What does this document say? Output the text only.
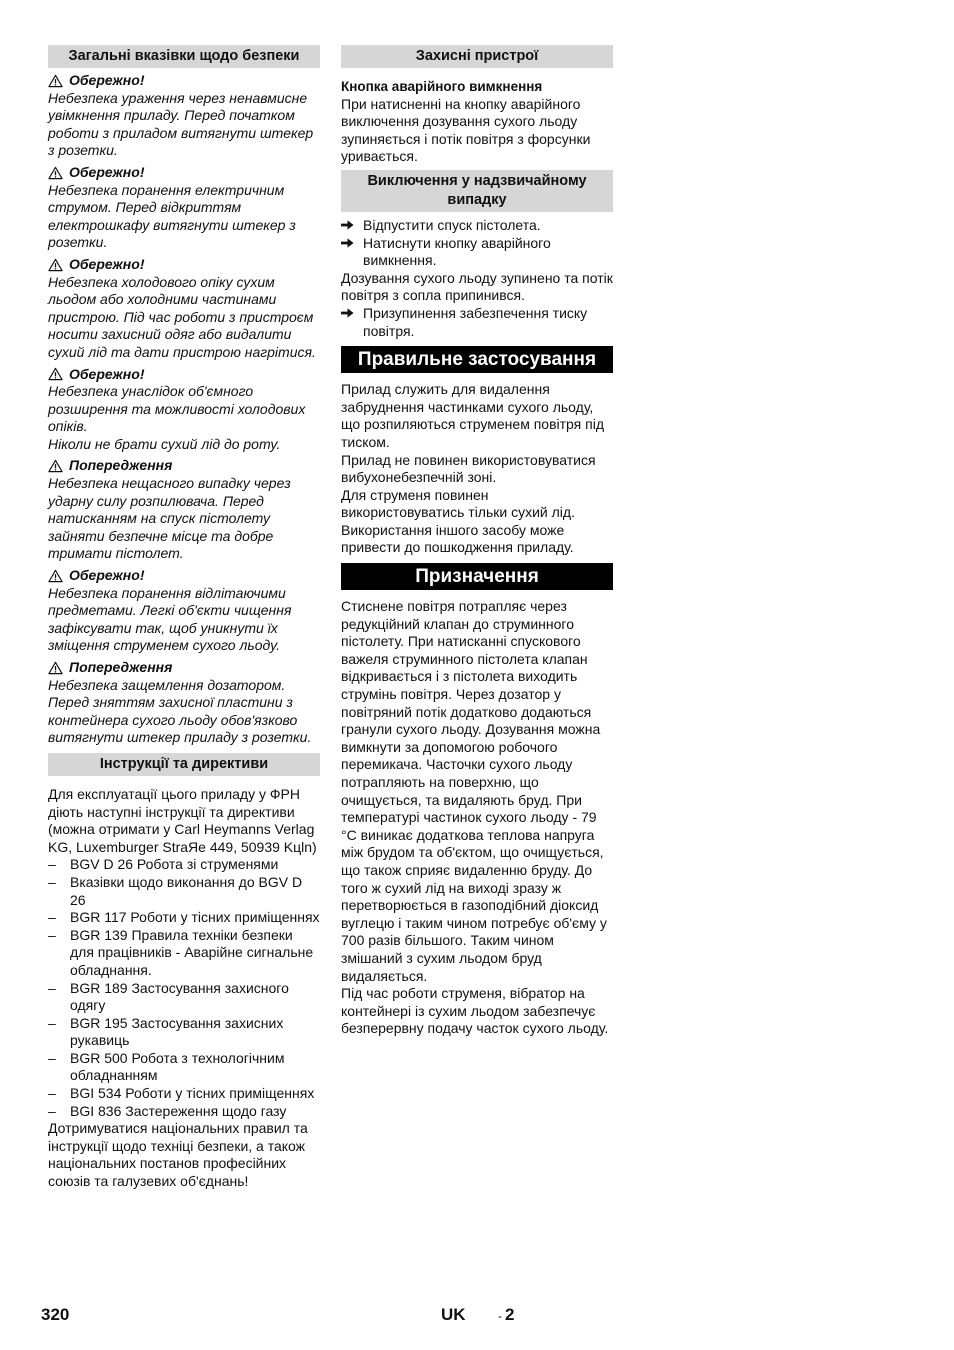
Загальні вказівки щодо безпеки
Обережно!
Небезпека ураження через ненавмисне увімкнення приладу. Перед початком роботи з приладом витягнути штекер з розетки.
Обережно!
Небезпека поранення електричним струмом. Перед відкриттям електрошкафу витягнути штекер з розетки.
Обережно!
Небезпека холодового опіку сухим льодом або холодними частинами пристрою. Під час роботи з пристроєм носити захисний одяг або видалити сухий лід та дати пристрою нагрітися.
Обережно!
Небезпека унаслідок об'ємного розширення та можливості холодових опіків.
Ніколи не брати сухий лід до роту.
Попередження
Небезпека нещасного випадку через ударну силу розпилювача. Перед натисканням на спуск пістолету зайняти безпечне місце та добре тримати пістолет.
Обережно!
Небезпека поранення відлітаючими предметами. Легкі об'єкти чищення зафіксувати так, щоб уникнути їх зміщення струменем сухого льоду.
Попередження
Небезпека защемлення дозатором. Перед зняттям захисної пластини з контейнера сухого льоду обов'язково витягнути штекер приладу з розетки.
Інструкції та директиви

Для експлуатації цього приладу у ФРН діють наступні інструкції та директиви (можна отримати у Carl Heymanns Verlag KG, Luxemburger StraЯe 449, 50939 Kцln)

– BGV D 26 Робота зі струменями
– Вказівки щодо виконання до BGV D 26
– BGR 117 Роботи у тісних приміщеннях
– BGR 139 Правила техніки безпеки для працівників - Аварійне сигнальне обладнання.
– BGR 189 Застосування захисного одягу
– BGR 195 Застосування захисних рукавиць
– BGR 500 Робота з технологічним обладнанням
– BGI 534 Роботи у тісних приміщеннях
– BGI 836 Застереження щодо газу

Дотримуватися національних правил та інструкції щодо техніці безпеки, а також національних постанов професійних союзів та галузевих об'єднань!

Захисні пристрої
Кнопка аварійного вимкнення

При натисненні на кнопку аварійного виключення дозування сухого льоду зупиняється і потік повітря з форсунки уривається.

Виключення у надзвичайному випадку
Відпустити спуск пістолета.
Натиснути кнопку аварійного вимкнення.

Дозування сухого льоду зупинено та потік повітря з сопла припинився.

Призупинення забезпечення тиску повітря.
Правильне застосування

Прилад служить для видалення забруднення частинками сухого льоду, що розпиляються струменем повітря під тиском.

Прилад не повинен використовуватися вибухонебезпечній зоні.

Для струменя повинен використовуватись тільки сухий лід. Використання іншого засобу може привести до пошкодження приладу.

Призначення

Стиснене повітря потрапляє через редукційний клапан до струминного пістолету. При натисканні спускового важеля струминного пістолета клапан відкривається і з пістолета виходить струмінь повітря. Через дозатор у повітряний потік додатково додаються гранули сухого льоду. Дозування можна вимкнути за допомогою робочого перемикача. Часточки сухого льоду потрапляють на поверхню, що очищується, та видаляють бруд. При температурі частинок сухого льоду - 79 °C виникає додаткова теплова напруга між брудом та об'єктом, що очищується, що також сприяє видаленню бруду. До того ж сухий лід на виході зразу ж перетворюється в газоподібний діоксид вуглецю і таким чином потребує об'єму у 700 разів більшого. Таким чином змішаний з сухим льодом бруд видаляється.

Під час роботи струменя, вібратор на контейнері із сухим льодом забезпечує безперервну подачу часток сухого льоду.

320	UK	- 2
